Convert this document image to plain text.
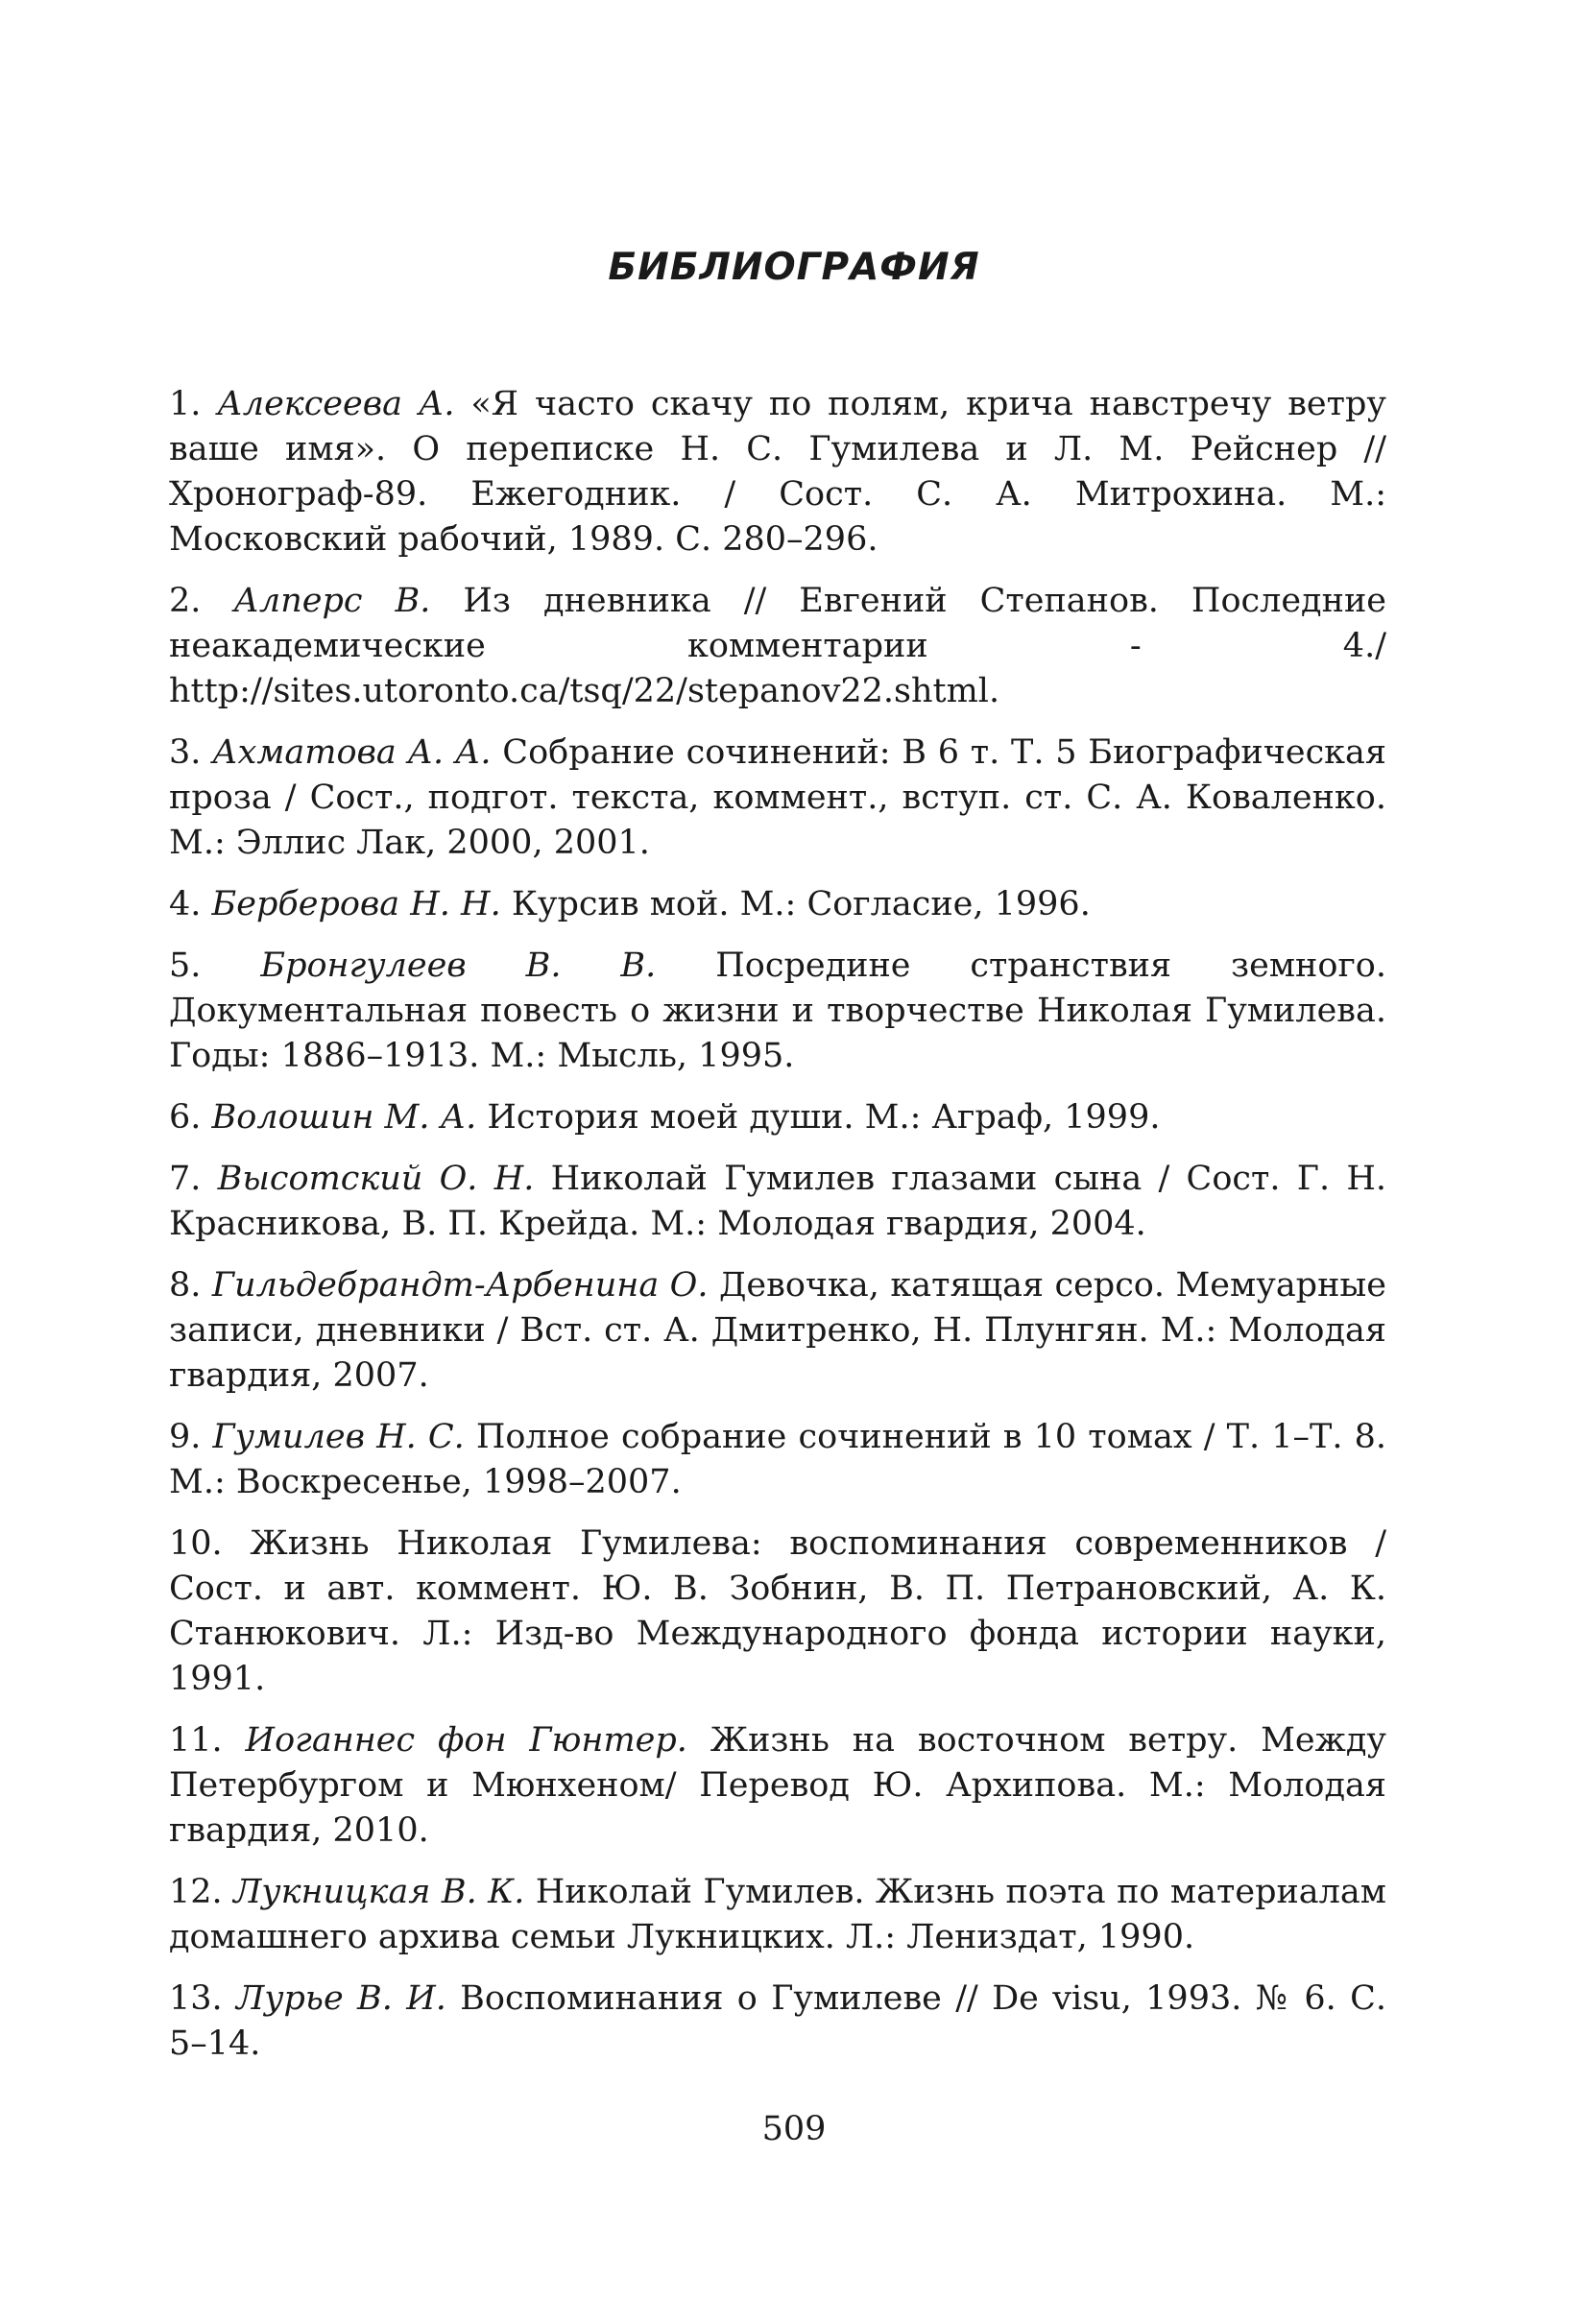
БИБЛИОГРАФИЯ
1. Алексеева А. «Я часто скачу по полям, крича навстречу ветру ваше имя». О переписке Н. С. Гумилева и Л. М. Рейснер // Хронограф-89. Ежегодник. / Сост. С. А. Митрохина. М.: Московский рабочий, 1989. С. 280–296.
2. Алперс В. Из дневника // Евгений Степанов. Последние неакадемические комментарии - 4./ http://sites.utoronto.ca/tsq/22/stepanov22.shtml.
3. Ахматова А. А. Собрание сочинений: В 6 т. Т. 5 Биографическая проза / Сост., подгот. текста, коммент., вступ. ст. С. А. Коваленко. М.: Эллис Лак, 2000, 2001.
4. Берберова Н. Н. Курсив мой. М.: Согласие, 1996.
5. Бронгулеев В. В. Посредине странствия земного. Документальная повесть о жизни и творчестве Николая Гумилева. Годы: 1886–1913. М.: Мысль, 1995.
6. Волошин М. А. История моей души. М.: Аграф, 1999.
7. Высотский О. Н. Николай Гумилев глазами сына / Сост. Г. Н. Красникова, В. П. Крейда. М.: Молодая гвардия, 2004.
8. Гильдебрандт-Арбенина О. Девочка, катящая серсо. Мемуарные записи, дневники / Вст. ст. А. Дмитренко, Н. Плунгян. М.: Молодая гвардия, 2007.
9. Гумилев Н. С. Полное собрание сочинений в 10 томах / Т. 1–Т. 8. М.: Воскресенье, 1998–2007.
10. Жизнь Николая Гумилева: воспоминания современников / Сост. и авт. коммент. Ю. В. Зобнин, В. П. Петрановский, А. К. Станюкович. Л.: Изд-во Международного фонда истории науки, 1991.
11. Иоганнес фон Гюнтер. Жизнь на восточном ветру. Между Петербургом и Мюнхеном/ Перевод Ю. Архипова. М.: Молодая гвардия, 2010.
12. Лукницкая В. К. Николай Гумилев. Жизнь поэта по материалам домашнего архива семьи Лукницких. Л.: Лениздат, 1990.
13. Лурье В. И. Воспоминания о Гумилеве // De visu, 1993. № 6. С. 5–14.
509
